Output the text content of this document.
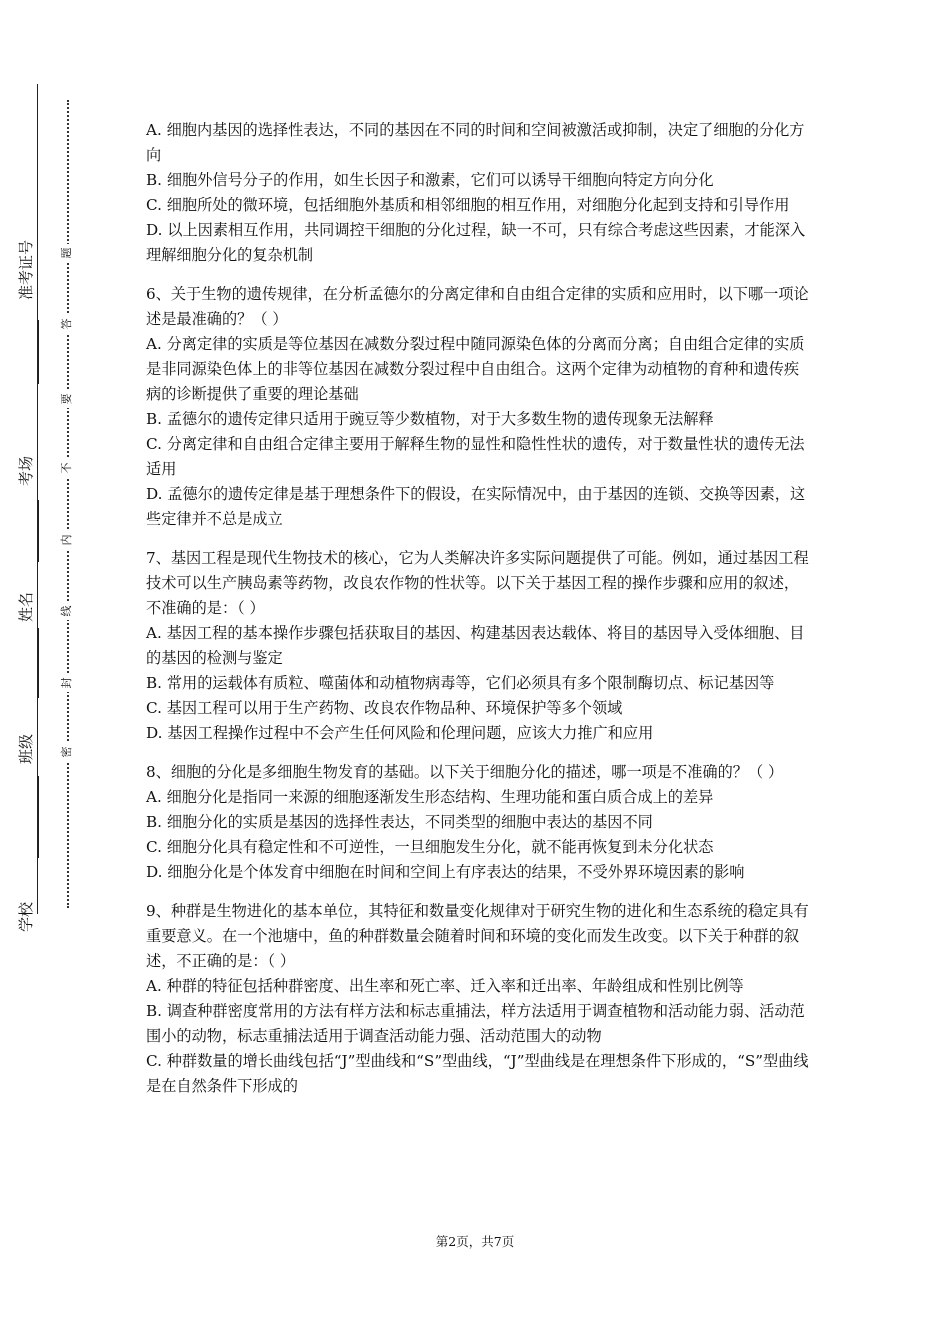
准考证号
考场
姓名
班级
学校
题
答
要
不
内
线
封
密

A. 细胞内基因的选择性表达，不同的基因在不同的时间和空间被激活或抑制，决定了细胞的分化方向

B. 细胞外信号分子的作用，如生长因子和激素，它们可以诱导干细胞向特定方向分化

C. 细胞所处的微环境，包括细胞外基质和相邻细胞的相互作用，对细胞分化起到支持和引导作用

D. 以上因素相互作用，共同调控干细胞的分化过程，缺一不可，只有综合考虑这些因素，才能深入理解细胞分化的复杂机制

6、关于生物的遗传规律，在分析孟德尔的分离定律和自由组合定律的实质和应用时，以下哪一项论述是最准确的？（ ）

A. 分离定律的实质是等位基因在减数分裂过程中随同源染色体的分离而分离；自由组合定律的实质是非同源染色体上的非等位基因在减数分裂过程中自由组合。这两个定律为动植物的育种和遗传疾病的诊断提供了重要的理论基础

B. 孟德尔的遗传定律只适用于豌豆等少数植物，对于大多数生物的遗传现象无法解释

C. 分离定律和自由组合定律主要用于解释生物的显性和隐性性状的遗传，对于数量性状的遗传无法适用

D. 孟德尔的遗传定律是基于理想条件下的假设，在实际情况中，由于基因的连锁、交换等因素，这些定律并不总是成立

7、基因工程是现代生物技术的核心，它为人类解决许多实际问题提供了可能。例如，通过基因工程技术可以生产胰岛素等药物，改良农作物的性状等。以下关于基因工程的操作步骤和应用的叙述，不准确的是：（ ）

A. 基因工程的基本操作步骤包括获取目的基因、构建基因表达载体、将目的基因导入受体细胞、目的基因的检测与鉴定

B. 常用的运载体有质粒、噬菌体和动植物病毒等，它们必须具有多个限制酶切点、标记基因等

C. 基因工程可以用于生产药物、改良农作物品种、环境保护等多个领域

D. 基因工程操作过程中不会产生任何风险和伦理问题，应该大力推广和应用

8、细胞的分化是多细胞生物发育的基础。以下关于细胞分化的描述，哪一项是不准确的？（ ）

A. 细胞分化是指同一来源的细胞逐渐发生形态结构、生理功能和蛋白质合成上的差异

B. 细胞分化的实质是基因的选择性表达，不同类型的细胞中表达的基因不同

C. 细胞分化具有稳定性和不可逆性，一旦细胞发生分化，就不能再恢复到未分化状态

D. 细胞分化是个体发育中细胞在时间和空间上有序表达的结果，不受外界环境因素的影响

9、种群是生物进化的基本单位，其特征和数量变化规律对于研究生物的进化和生态系统的稳定具有重要意义。在一个池塘中，鱼的种群数量会随着时间和环境的变化而发生改变。以下关于种群的叙述，不正确的是：（ ）

A. 种群的特征包括种群密度、出生率和死亡率、迁入率和迁出率、年龄组成和性别比例等

B. 调查种群密度常用的方法有样方法和标志重捕法，样方法适用于调查植物和活动能力弱、活动范围小的动物，标志重捕法适用于调查活动能力强、活动范围大的动物

C. 种群数量的增长曲线包括“J”型曲线和“S”型曲线，“J”型曲线是在理想条件下形成的，“S”型曲线是在自然条件下形成的

第2页，共7页
